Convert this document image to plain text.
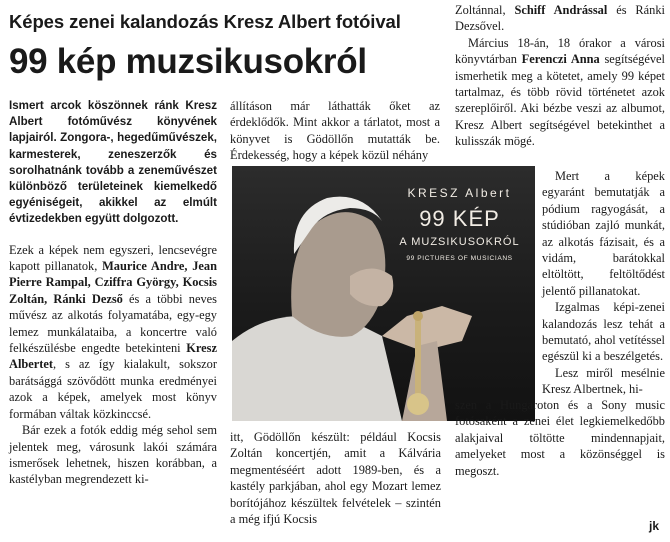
Képes zenei kalandozás Kresz Albert fotóival
99 kép muzsikusokról
Ismert arcok köszönnek ránk Kresz Albert fotóművész könyvének lapjairól. Zongora-, hegedűművészek, karmesterek, zeneszerzők és sorolhatnánk tovább a zeneművészet különböző területeinek kiemelkedő egyéniségeit, akikkel az elmúlt évtizedekben együtt dolgozott.

Ezek a képek nem egyszeri, lencsevégre kapott pillanatok, Maurice Andre, Jean Pierre Rampal, Cziffra György, Kocsis Zoltán, Ránki Dezső és a többi neves művész az alkotás folyamatába, egy-egy lemez munkálataiba, a koncertre való felkészülésbe engedte betekinteni Kresz Albertet, s az így kialakult, sokszor barátsággá szövődött munka eredményei azok a képek, amelyek most könyv formában váltak közkinccsé.

Bár ezek a fotók eddig még sehol sem jelentek meg, városunk lakói számára ismerősek lehetnek, hiszen korábban, a kastélyban megrendezett ki-

állításon már láthatták őket az érdeklődők. Mint akkor a tárlatot, most a könyvet is Gödöllőn mutatták be. Érdekesség, hogy a képek közül néhány

KRESZ Albert
99 KÉP
A MUZSIKUSOKRÓL
99 PICTURES OF MUSICIANS

itt, Gödöllőn készült: például Kocsis Zoltán koncertjén, amit a Kálvária megmentéséért adott 1989-ben, és a kastély parkjában, ahol egy Mozart lemez borítójához készültek felvételek – szintén a még ifjú Kocsis

Zoltánnal, Schiff Andrással és Ránki Dezsővel.

Március 18-án, 18 órakor a városi könyvtárban Ferenczi Anna segítségével ismerhetik meg a kötetet, amely 99 képet tartalmaz, és több rövid történetet azok szereplőiről. Aki bézbe veszi az albumot, Kresz Albert segítségével betekinthet a kulisszák mögé.

Mert a képek egyaránt bemutatják a pódium ragyogását, a stúdióban zajló munkát, az alkotás fázisait, és a vidám, barátokkal eltöltött, feltöltődést jelentő pillanatokat.

Izgalmas képi-zenei kalandozás lesz tehát a bemutató, ahol vetítéssel egészül ki a beszélgetés.

Lesz miről mesélnie Kresz Albertnek, hi-

szen a Hungaroton és a Sony music fotósaként a zenei élet legkiemelkedőbb alakjaival töltötte mindennapjait, amelyeket most a közönséggel is megoszt.

jk
